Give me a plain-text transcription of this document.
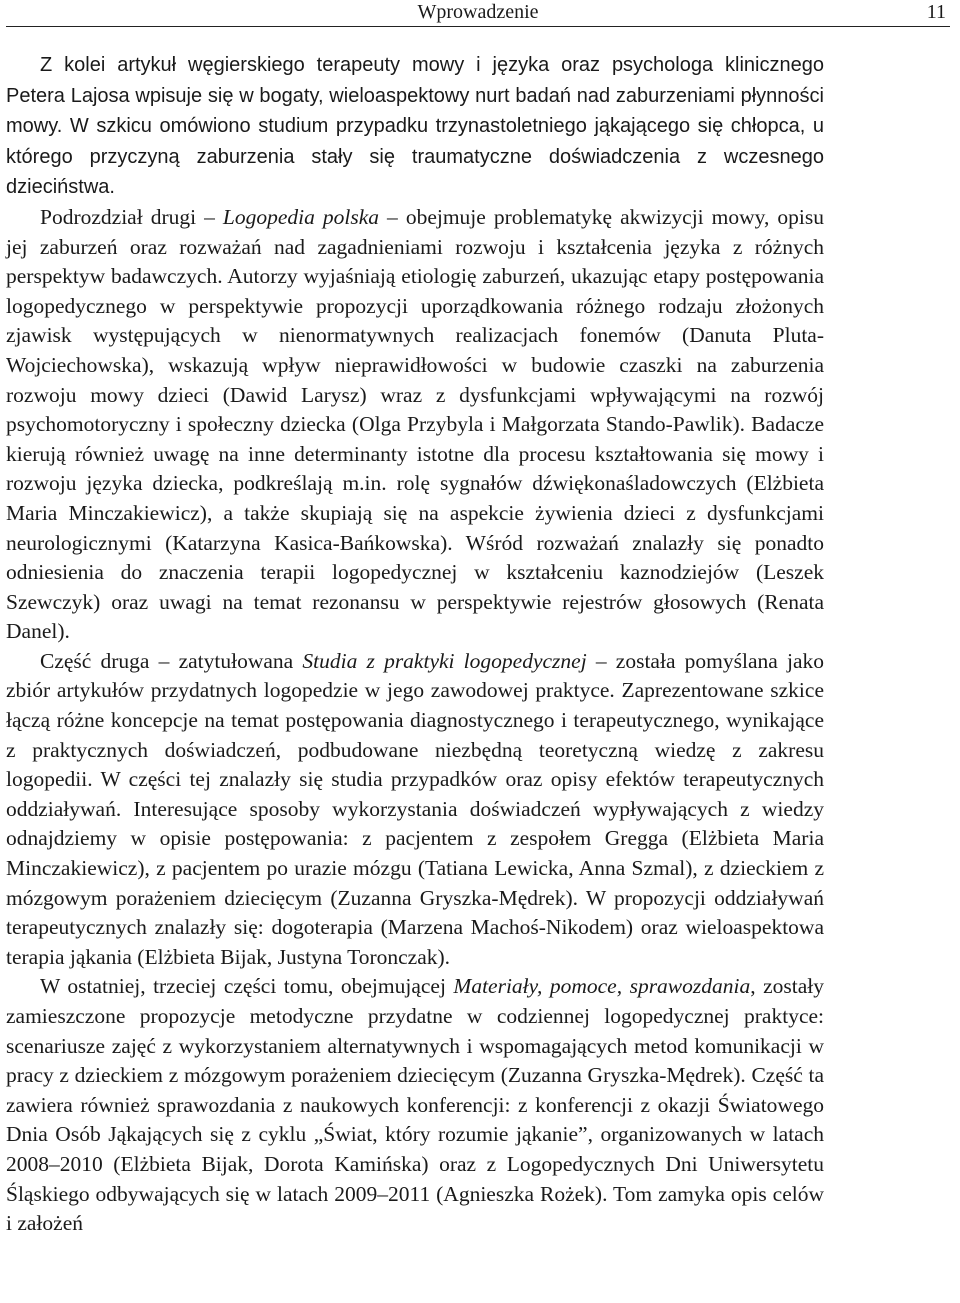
Wprowadzenie	11

Z kolei artykuł węgierskiego terapeuty mowy i języka oraz psychologa klinicznego Petera Lajosa wpisuje się w bogaty, wieloaspektowy nurt badań nad zaburzeniami płynności mowy. W szkicu omówiono studium przypadku trzynastoletniego jąkającego się chłopca, u którego przyczyną zaburzenia stały się traumatyczne doświadczenia z wczesnego dzieciństwa.

Podrozdział drugi – Logopedia polska – obejmuje problematykę akwizycji mowy, opisu jej zaburzeń oraz rozważań nad zagadnieniami rozwoju i kształcenia języka z różnych perspektyw badawczych. Autorzy wyjaśniają etiologię zaburzeń, ukazując etapy postępowania logopedycznego w perspektywie propozycji uporządkowania różnego rodzaju złożonych zjawisk występujących w nienormatywnych realizacjach fonemów (Danuta Pluta-Wojciechowska), wskazują wpływ nieprawidłowości w budowie czaszki na zaburzenia rozwoju mowy dzieci (Dawid Larysz) wraz z dysfunkcjami wpływającymi na rozwój psychomotoryczny i społeczny dziecka (Olga Przybyla i Małgorzata Stando-Pawlik). Badacze kierują również uwagę na inne determinanty istotne dla procesu kształtowania się mowy i rozwoju języka dziecka, podkreślają m.in. rolę sygnałów dźwiękonaśladowczych (Elżbieta Maria Minczakiewicz), a także skupiają się na aspekcie żywienia dzieci z dysfunkcjami neurologicznymi (Katarzyna Kasica-Bańkowska). Wśród rozważań znalazły się ponadto odniesienia do znaczenia terapii logopedycznej w kształceniu kaznodziejów (Leszek Szewczyk) oraz uwagi na temat rezonansu w perspektywie rejestrów głosowych (Renata Danel).

Część druga – zatytułowana Studia z praktyki logopedycznej – została pomyślana jako zbiór artykułów przydatnych logopedzie w jego zawodowej praktyce. Zaprezentowane szkice łączą różne koncepcje na temat postępowania diagnostycznego i terapeutycznego, wynikające z praktycznych doświadczeń, podbudowane niezbędną teoretyczną wiedzę z zakresu logopedii. W części tej znalazły się studia przypadków oraz opisy efektów terapeutycznych oddziaływań. Interesujące sposoby wykorzystania doświadczeń wypływających z wiedzy odnajdziemy w opisie postępowania: z pacjentem z zespołem Gregga (Elżbieta Maria Minczakiewicz), z pacjentem po urazie mózgu (Tatiana Lewicka, Anna Szmal), z dzieckiem z mózgowym porażeniem dziecięcym (Zuzanna Gryszka-Mędrek). W propozycji oddziaływań terapeutycznych znalazły się: dogoterapia (Marzena Machoś-Nikodem) oraz wieloaspektowa terapia jąkania (Elżbieta Bijak, Justyna Toronczak).

W ostatniej, trzeciej części tomu, obejmującej Materiały, pomoce, sprawozdania, zostały zamieszczone propozycje metodyczne przydatne w codziennej logopedycznej praktyce: scenariusze zajęć z wykorzystaniem alternatywnych i wspomagających metod komunikacji w pracy z dzieckiem z mózgowym porażeniem dziecięcym (Zuzanna Gryszka-Mędrek). Część ta zawiera również sprawozdania z naukowych konferencji: z konferencji z okazji Światowego Dnia Osób Jąkających się z cyklu „Świat, który rozumie jąkanie”, organizowanych w latach 2008–2010 (Elżbieta Bijak, Dorota Kamińska) oraz z Logopedycznych Dni Uniwersytetu Śląskiego odbywających się w latach 2009–2011 (Agnieszka Rożek). Tom zamyka opis celów i założeń
